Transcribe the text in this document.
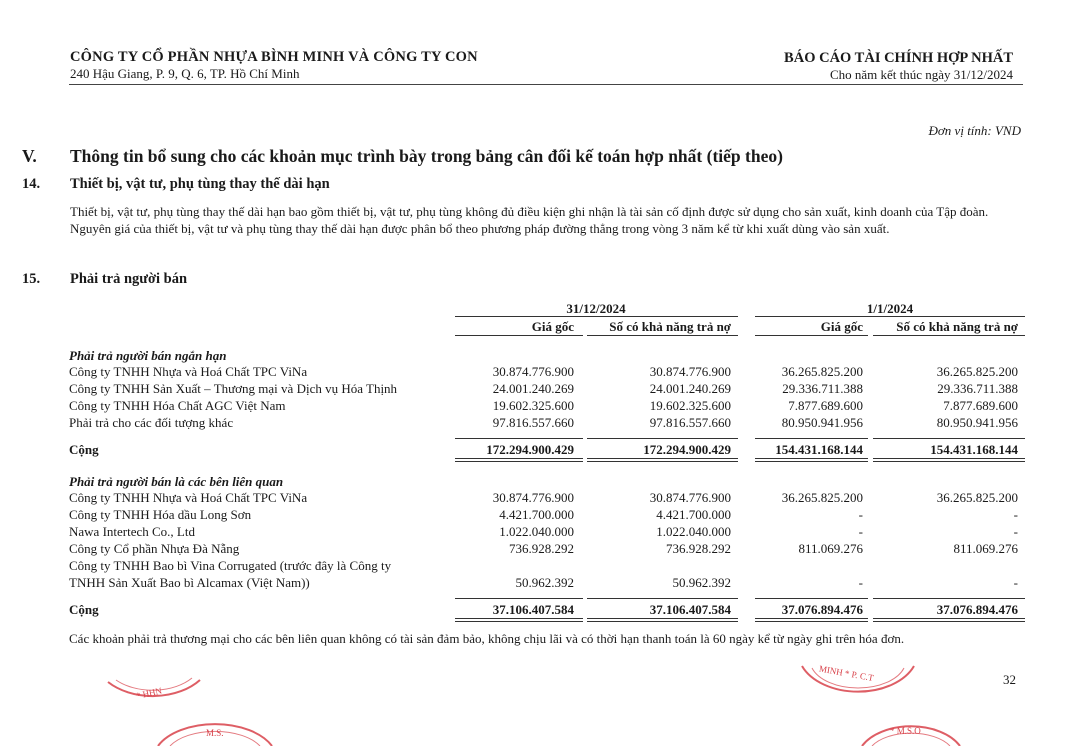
CÔNG TY CỔ PHẦN NHỰA BÌNH MINH VÀ CÔNG TY CON
240 Hậu Giang, P. 9, Q. 6, TP. Hồ Chí Minh
BÁO CÁO TÀI CHÍNH HỢP NHẤT
Cho năm kết thúc ngày 31/12/2024
Đơn vị tính: VND
V. Thông tin bổ sung cho các khoản mục trình bày trong bảng cân đối kế toán hợp nhất (tiếp theo)
14. Thiết bị, vật tư, phụ tùng thay thế dài hạn
Thiết bị, vật tư, phụ tùng thay thế dài hạn bao gồm thiết bị, vật tư, phụ tùng không đủ điều kiện ghi nhận là tài sản cố định được sử dụng cho sản xuất, kinh doanh của Tập đoàn. Nguyên giá của thiết bị, vật tư và phụ tùng thay thế dài hạn được phân bổ theo phương pháp đường thẳng trong vòng 3 năm kể từ khi xuất dùng vào sản xuất.
15. Phải trả người bán
31/12/2024	1/1/2024
Giá gốc	Số có khả năng trả nợ	Giá gốc	Số có khả năng trả nợ
Phải trả người bán ngắn hạn
Công ty TNHH Nhựa và Hoá Chất TPC ViNa	30.874.776.900	30.874.776.900	36.265.825.200	36.265.825.200
Công ty TNHH Sản Xuất – Thương mại và Dịch vụ Hóa Thịnh	24.001.240.269	24.001.240.269	29.336.711.388	29.336.711.388
Công ty TNHH Hóa Chất AGC Việt Nam	19.602.325.600	19.602.325.600	7.877.689.600	7.877.689.600
Phải trả cho các đối tượng khác	97.816.557.660	97.816.557.660	80.950.941.956	80.950.941.956
Cộng	172.294.900.429	172.294.900.429	154.431.168.144	154.431.168.144
Phải trả người bán là các bên liên quan
Công ty TNHH Nhựa và Hoá Chất TPC ViNa	30.874.776.900	30.874.776.900	36.265.825.200	36.265.825.200
Công ty TNHH Hóa dầu Long Sơn	4.421.700.000	4.421.700.000	-	-
Nawa Intertech Co., Ltd	1.022.040.000	1.022.040.000	-	-
Công ty Cổ phần Nhựa Đà Nẵng	736.928.292	736.928.292	811.069.276	811.069.276
Công ty TNHH Bao bì Vina Corrugated (trước đây là Công ty
TNHH Sản Xuất Bao bì Alcamax (Việt Nam))	50.962.392	50.962.392	-	-
Cộng	37.106.407.584	37.106.407.584	37.076.894.476	37.076.894.476
Các khoản phải trả thương mại cho các bên liên quan không có tài sản đảm bảo, không chịu lãi và có thời hạn thanh toán là 60 ngày kể từ ngày ghi trên hóa đơn.
32
* HHN
M.S.
MINH * P. C.T
* M.S.O
